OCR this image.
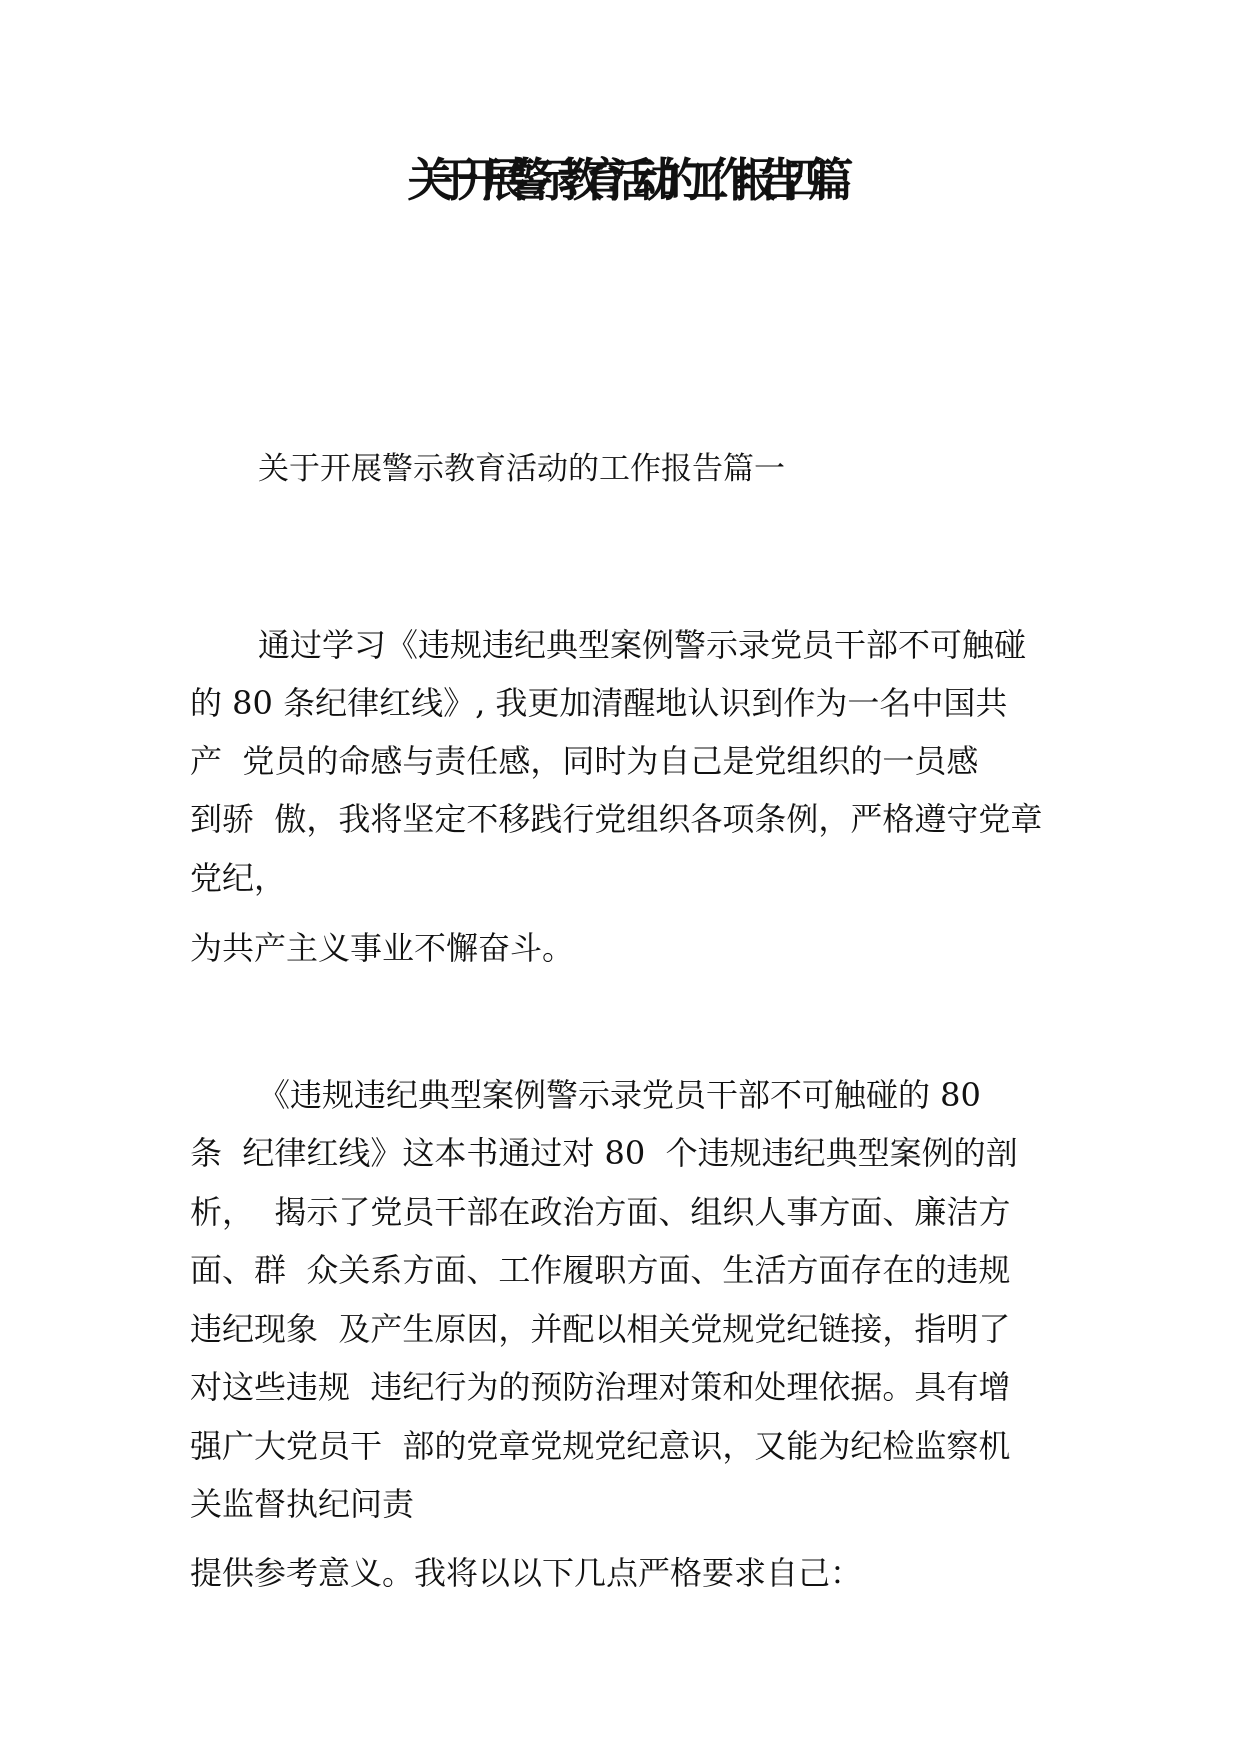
关于开展警示教育活动的工作报告四篇
关于开展警示教育活动的工作报告篇一
通过学习《违规违纪典型案例警示录党员干部不可触碰
的 80 条纪律红线》, 我更加清醒地认识到作为一名中国共
产  党员的命感与责任感，同时为自己是党组织的一员感
到骄  傲，我将坚定不移践行党组织各项条例，严格遵守党章
党纪，
为共产主义事业不懈奋斗。
《违规违纪典型案例警示录党员干部不可触碰的 80
条  纪律红线》这本书通过对 80  个违规违纪典型案例的剖
析，  揭示了党员干部在政治方面、组织人事方面、廉洁方
面、群  众关系方面、工作履职方面、生活方面存在的违规
违纪现象  及产生原因，并配以相关党规党纪链接，指明了
对这些违规  违纪行为的预防治理对策和处理依据。具有增
强广大党员干  部的党章党规党纪意识，又能为纪检监察机
关监督执纪问责
提供参考意义。我将以以下几点严格要求自己：
